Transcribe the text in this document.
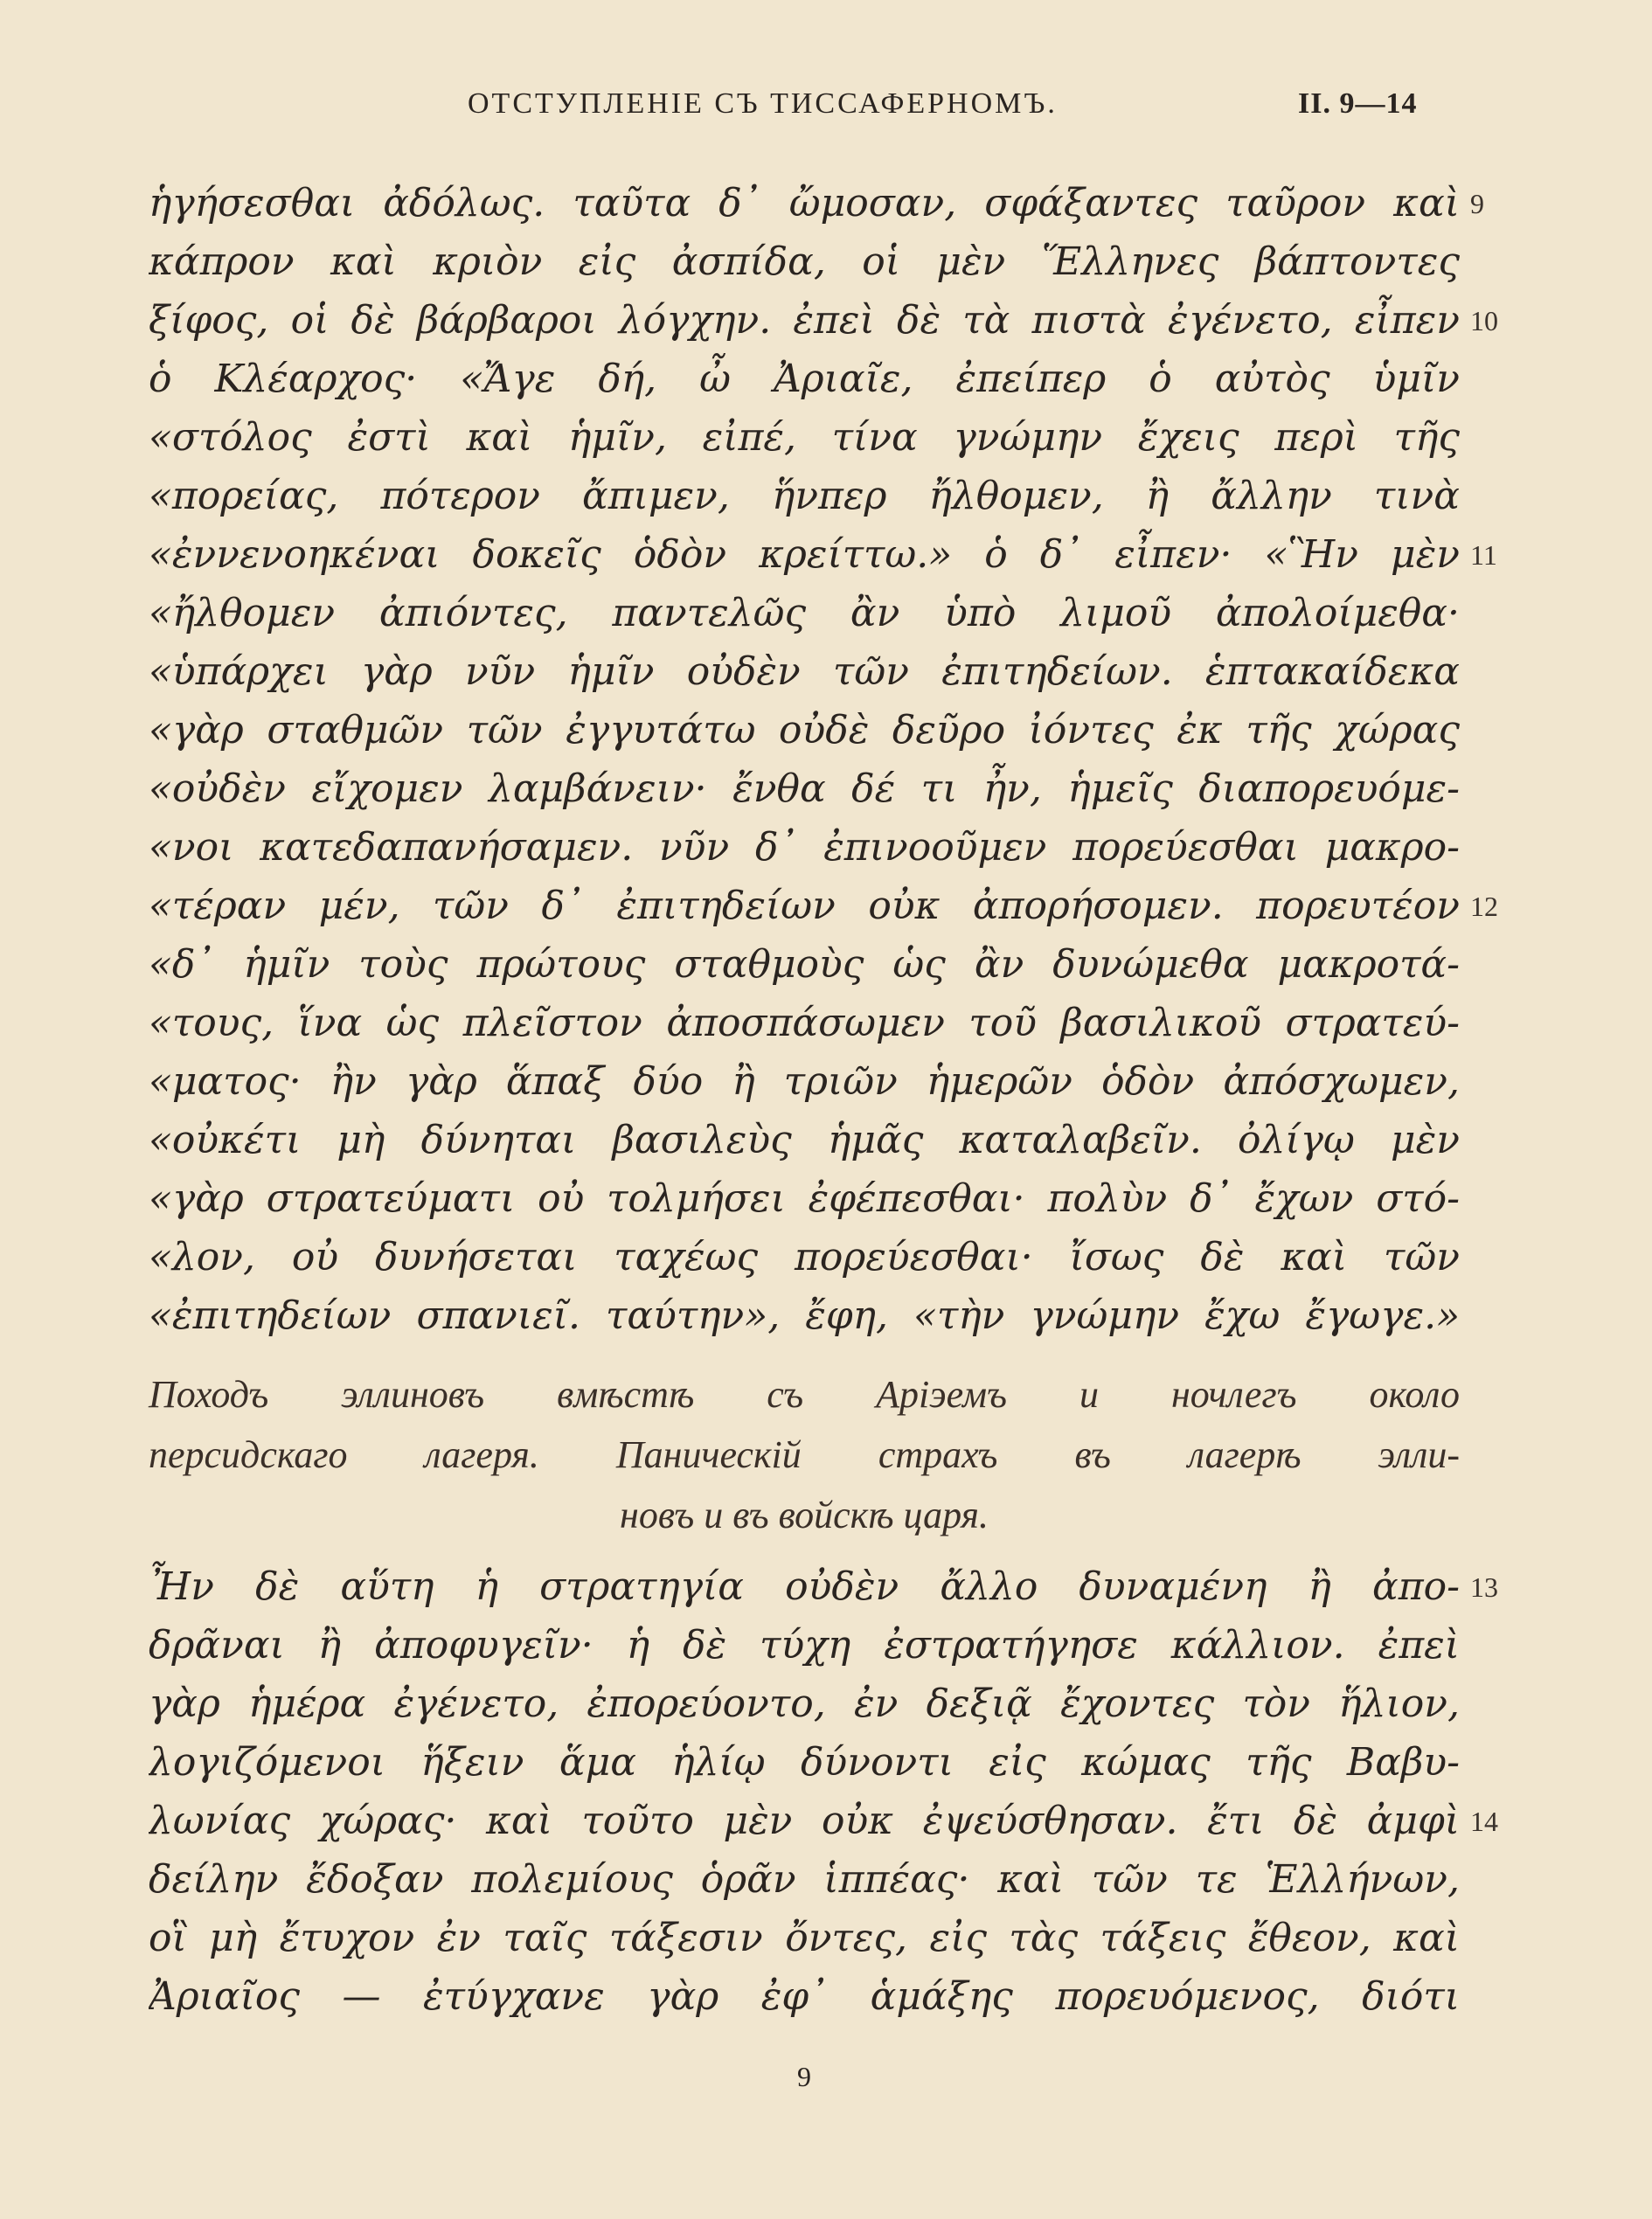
ОТСТУПЛЕНІЕ СЪ ТИССАФЕРНОМЪ.	II. 9—14
ἡγήσεσθαι ἀδόλως. ταῦτα δ᾽ ὤμοσαν, σφάξαντες ταῦρον καὶ
κάπρον καὶ κριὸν εἰς ἀσπίδα, οἱ μὲν Ἕλληνες βάπτοντες
ξίφος, οἱ δὲ βάρβαροι λόγχην. ἐπεὶ δὲ τὰ πιστὰ ἐγένετο, εἶπεν
ὁ Κλέαρχος· «Ἄγε δή, ὦ Ἀριαῖε, ἐπείπερ ὁ αὐτὸς ὑμῖν
«στόλος ἐστὶ καὶ ἡμῖν, εἰπέ, τίνα γνώμην ἔχεις περὶ τῆς
«πορείας, πότερον ἄπιμεν, ἥνπερ ἤλθομεν, ἢ ἄλλην τινὰ
«ἐννενοηκέναι δοκεῖς ὁδὸν κρείττω.» ὁ δ᾽ εἶπεν· «Ἣν μὲν
«ἤλθομεν ἀπιόντες, παντελῶς ἂν ὑπὸ λιμοῦ ἀπολοίμεθα·
«ὑπάρχει γὰρ νῦν ἡμῖν οὐδὲν τῶν ἐπιτηδείων. ἑπτακαίδεκα
«γὰρ σταθμῶν τῶν ἐγγυτάτω οὐδὲ δεῦρο ἰόντες ἐκ τῆς χώρας
«οὐδὲν εἴχομεν λαμβάνειν· ἔνθα δέ τι ἦν, ἡμεῖς διαπορευόμε-
«νοι κατεδαπανήσαμεν. νῦν δ᾽ ἐπινοοῦμεν πορεύεσθαι μακρο-
«τέραν μέν, τῶν δ᾽ ἐπιτηδείων οὐκ ἀπορήσομεν. πορευτέον
«δ᾽ ἡμῖν τοὺς πρώτους σταθμοὺς ὡς ἂν δυνώμεθα μακροτά-
«τους, ἵνα ὡς πλεῖστον ἀποσπάσωμεν τοῦ βασιλικοῦ στρατεύ-
«ματος· ἢν γὰρ ἅπαξ δύο ἢ τριῶν ἡμερῶν ὁδὸν ἀπόσχωμεν,
«οὐκέτι μὴ δύνηται βασιλεὺς ἡμᾶς καταλαβεῖν. ὀλίγῳ μὲν
«γὰρ στρατεύματι οὐ τολμήσει ἐφέπεσθαι· πολὺν δ᾽ ἔχων στό-
«λον, οὐ δυνήσεται ταχέως πορεύεσθαι· ἴσως δὲ καὶ τῶν
«ἐπιτηδείων σπανιεῖ. ταύτην», ἔφη, «τὴν γνώμην ἔχω ἔγωγε.»
Походъ эллиновъ вмѣстѣ съ Аріэемъ и ночлегъ около
персидскаго лагеря. Паническій страхъ въ лагерѣ элли-
новъ и въ войскѣ царя.
Ἦν δὲ αὕτη ἡ στρατηγία οὐδὲν ἄλλο δυναμένη ἢ ἀπο-
δρᾶναι ἢ ἀποφυγεῖν· ἡ δὲ τύχη ἐστρατήγησε κάλλιον. ἐπεὶ
γὰρ ἡμέρα ἐγένετο, ἐπορεύοντο, ἐν δεξιᾷ ἔχοντες τὸν ἥλιον,
λογιζόμενοι ἥξειν ἅμα ἡλίῳ δύνοντι εἰς κώμας τῆς Βαβυ-
λωνίας χώρας· καὶ τοῦτο μὲν οὐκ ἐψεύσθησαν. ἔτι δὲ ἀμφὶ
δείλην ἔδοξαν πολεμίους ὁρᾶν ἱππέας· καὶ τῶν τε Ἑλλήνων,
οἳ μὴ ἔτυχον ἐν ταῖς τάξεσιν ὄντες, εἰς τὰς τάξεις ἔθεον, καὶ
Ἀριαῖος — ἐτύγχανε γὰρ ἐφ᾽ ἁμάξης πορευόμενος, διότι
9
10
11
12
13
14
9
